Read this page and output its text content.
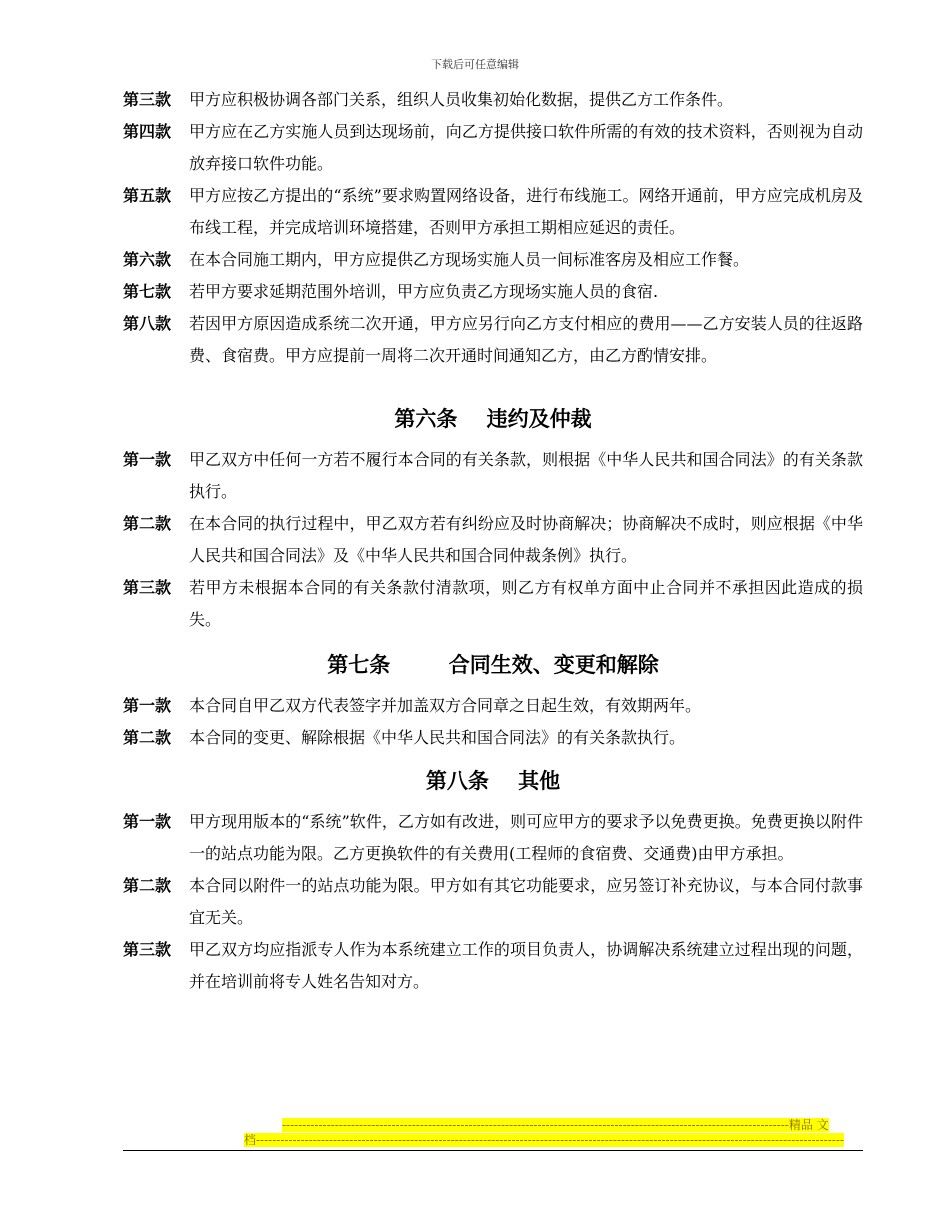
下载后可任意编辑
第三款 甲方应积极协调各部门关系，组织人员收集初始化数据，提供乙方工作条件。
第四款 甲方应在乙方实施人员到达现场前，向乙方提供接口软件所需的有效的技术资料，否则视为自动放弃接口软件功能。
第五款 甲方应按乙方提出的“系统”要求购置网络设备，进行布线施工。网络开通前，甲方应完成机房及布线工程，并完成培训环境搭建，否则甲方承担工期相应延迟的责任。
第六款 在本合同施工期内，甲方应提供乙方现场实施人员一间标准客房及相应工作餐。
第七款 若甲方要求延期范围外培训，甲方应负责乙方现场实施人员的食宿.
第八款 若因甲方原因造成系统二次开通，甲方应另行向乙方支付相应的费用——乙方安装人员的往返路费、食宿费。甲方应提前一周将二次开通时间通知乙方，由乙方酌情安排。
第六条    违约及仲裁
第一款 甲乙双方中任何一方若不履行本合同的有关条款，则根据《中华人民共和国合同法》的有关条款执行。
第二款 在本合同的执行过程中，甲乙双方若有纠纷应及时协商解决；协商解决不成时，则应根据《中华人民共和国合同法》及《中华人民共和国合同仲裁条例》执行。
第三款 若甲方未根据本合同的有关条款付清款项，则乙方有权单方面中止合同并不承担因此造成的损失。
第七条        合同生效、变更和解除
第一款 本合同自甲乙双方代表签字并加盖双方合同章之日起生效，有效期两年。
第二款 本合同的变更、解除根据《中华人民共和国合同法》的有关条款执行。
第八条    其他
第一款 甲方现用版本的“系统”软件，乙方如有改进，则可应甲方的要求予以免费更换。免费更换以附件一的站点功能为限。乙方更换软件的有关费用(工程师的食宿费、交通费)由甲方承担。
第二款 本合同以附件一的站点功能为限。甲方如有其它功能要求，应另签订补充协议，与本合同付款事宜无关。
第三款 甲乙双方均应指派专人作为本系统建立工作的项目负责人，协调解决系统建立过程出现的问题，并在培训前将专人姓名告知对方。
-----------------------------------------------------------------------------------------------------------------------------精品 文
档-------------------------------------------------------------------------------------------------------------------------------------------------
